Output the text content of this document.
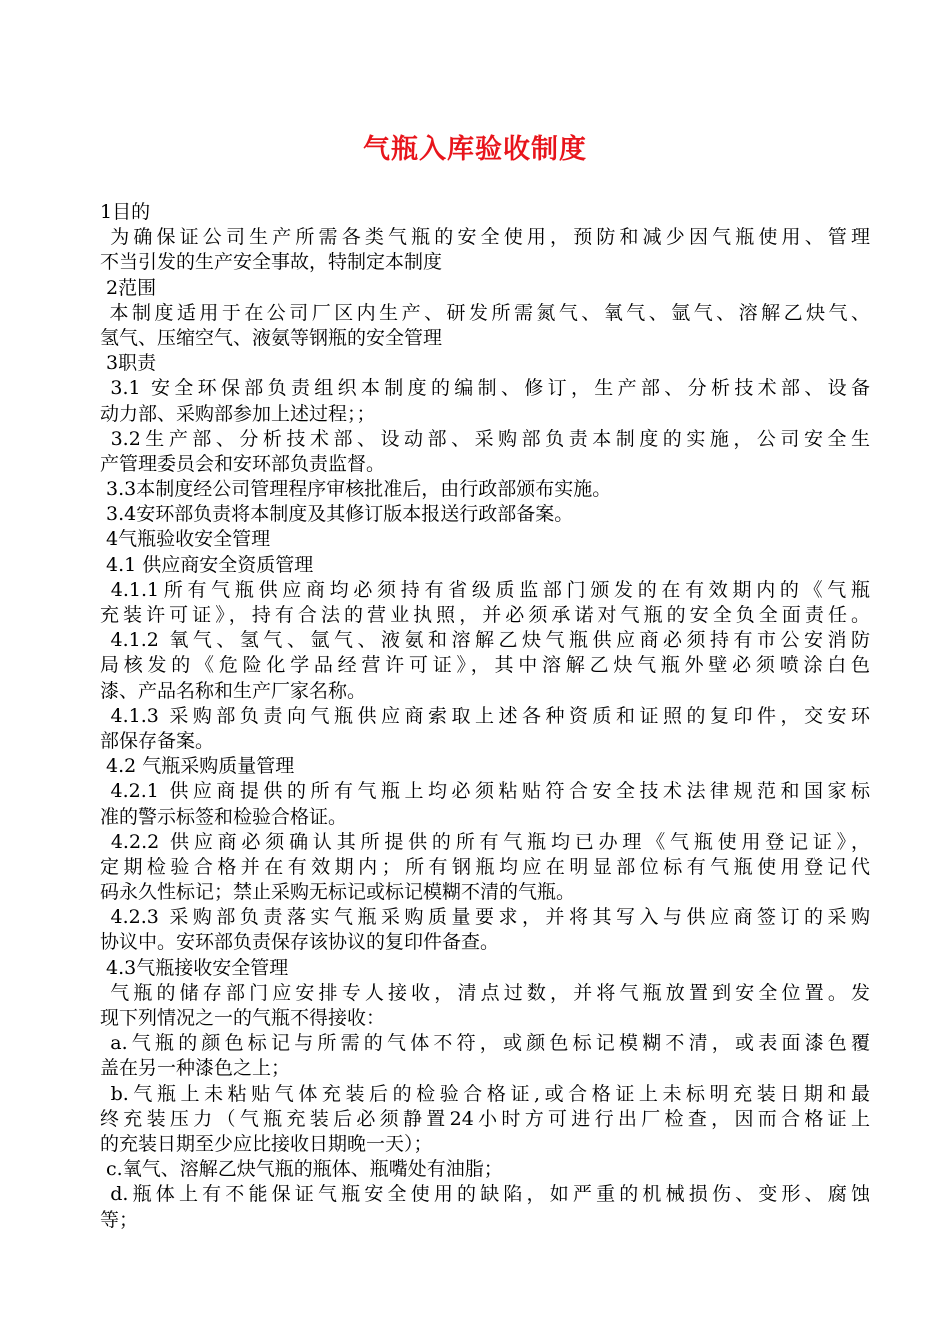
气瓶入库验收制度
1目的
为确保证公司生产所需各类气瓶的安全使用，预防和减少因气瓶使用、管理
不当引发的生产安全事故，特制定本制度
2范围
本制度适用于在公司厂区内生产、研发所需氮气、氧气、氩气、溶解乙炔气、
氢气、压缩空气、液氨等钢瓶的安全管理
3职责
3.1 安全环保部负责组织本制度的编制、修订，生产部、分析技术部、设备
动力部、采购部参加上述过程；；
3.2生产部、分析技术部、设动部、采购部负责本制度的实施，公司安全生
产管理委员会和安环部负责监督。
3.3本制度经公司管理程序审核批准后，由行政部颁布实施。
3.4安环部负责将本制度及其修订版本报送行政部备案。
4气瓶验收安全管理
4.1 供应商安全资质管理
4.1.1所有气瓶供应商均必须持有省级质监部门颁发的在有效期内的《气瓶
充装许可证》，持有合法的营业执照，并必须承诺对气瓶的安全负全面责任。
4.1.2 氧气、氢气、氩气、液氨和溶解乙炔气瓶供应商必须持有市公安消防
局核发的《危险化学品经营许可证》，其中溶解乙炔气瓶外壁必须喷涂白色
漆、产品名称和生产厂家名称。
4.1.3 采购部负责向气瓶供应商索取上述各种资质和证照的复印件，交安环
部保存备案。
4.2 气瓶采购质量管理
4.2.1 供应商提供的所有气瓶上均必须粘贴符合安全技术法律规范和国家标
准的警示标签和检验合格证。
4.2.2 供应商必须确认其所提供的所有气瓶均已办理《气瓶使用登记证》，
定期检验合格并在有效期内；所有钢瓶均应在明显部位标有气瓶使用登记代
码永久性标记；禁止采购无标记或标记模糊不清的气瓶。
4.2.3 采购部负责落实气瓶采购质量要求，并将其写入与供应商签订的采购
协议中。安环部负责保存该协议的复印件备查。
4.3气瓶接收安全管理
气瓶的储存部门应安排专人接收，清点过数，并将气瓶放置到安全位置。发
现下列情况之一的气瓶不得接收：
a.气瓶的颜色标记与所需的气体不符，或颜色标记模糊不清，或表面漆色覆
盖在另一种漆色之上；
b.气瓶上未粘贴气体充装后的检验合格证,或合格证上未标明充装日期和最
终充装压力（气瓶充装后必须静置24小时方可进行出厂检查，因而合格证上
的充装日期至少应比接收日期晚一天）；
c.氧气、溶解乙炔气瓶的瓶体、瓶嘴处有油脂；
d.瓶体上有不能保证气瓶安全使用的缺陷，如严重的机械损伤、变形、腐蚀
等；
